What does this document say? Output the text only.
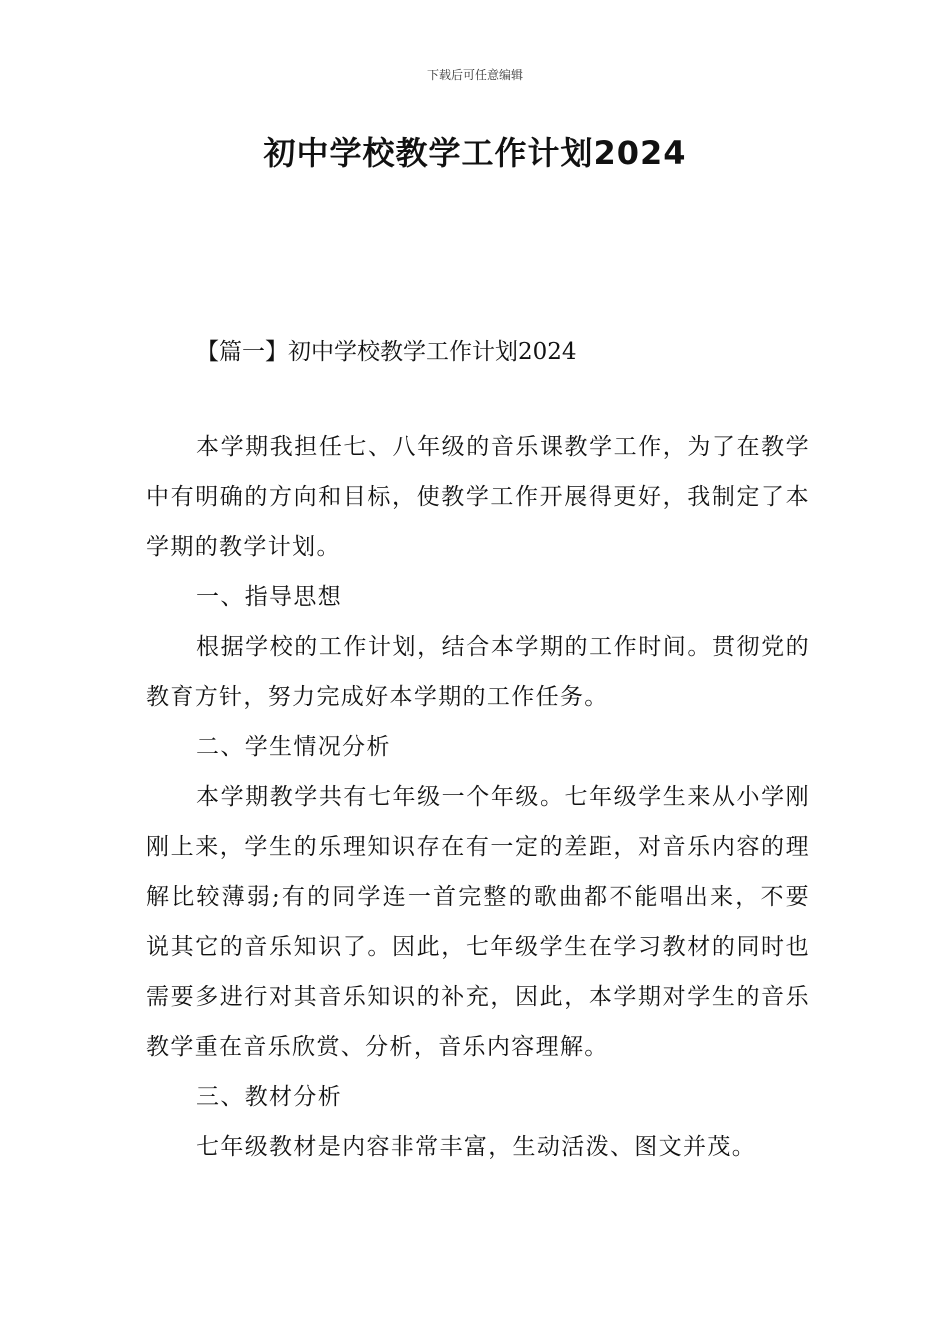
下载后可任意编辑
初中学校教学工作计划2024
【篇一】初中学校教学工作计划2024

本学期我担任七、八年级的音乐课教学工作，为了在教学中有明确的方向和目标，使教学工作开展得更好，我制定了本学期的教学计划。

一、指导思想

根据学校的工作计划，结合本学期的工作时间。贯彻党的教育方针，努力完成好本学期的工作任务。

二、学生情况分析

本学期教学共有七年级一个年级。七年级学生来从小学刚刚上来，学生的乐理知识存在有一定的差距，对音乐内容的理解比较薄弱;有的同学连一首完整的歌曲都不能唱出来，不要说其它的音乐知识了。因此，七年级学生在学习教材的同时也需要多进行对其音乐知识的补充，因此，本学期对学生的音乐教学重在音乐欣赏、分析，音乐内容理解。

三、教材分析

七年级教材是内容非常丰富，生动活泼、图文并茂。
